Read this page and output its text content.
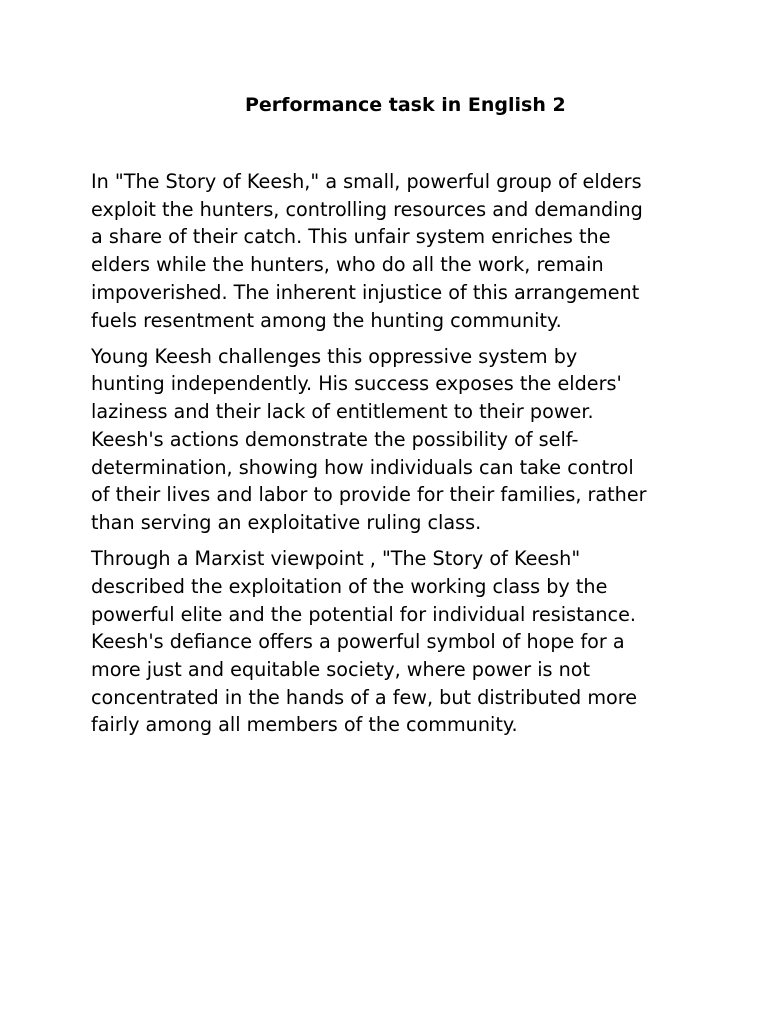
Performance task in English 2

In "The Story of Keesh," a small, powerful group of elders
exploit the hunters, controlling resources and demanding
a share of their catch. This unfair system enriches the
elders while the hunters, who do all the work, remain
impoverished. The inherent injustice of this arrangement
fuels resentment among the hunting community.

Young Keesh challenges this oppressive system by
hunting independently. His success exposes the elders'
laziness and their lack of entitlement to their power.
Keesh's actions demonstrate the possibility of self-
determination, showing how individuals can take control
of their lives and labor to provide for their families, rather
than serving an exploitative ruling class.

Through a Marxist viewpoint , "The Story of Keesh"
described the exploitation of the working class by the
powerful elite and the potential for individual resistance.
Keesh's defiance offers a powerful symbol of hope for a
more just and equitable society, where power is not
concentrated in the hands of a few, but distributed more
fairly among all members of the community.
